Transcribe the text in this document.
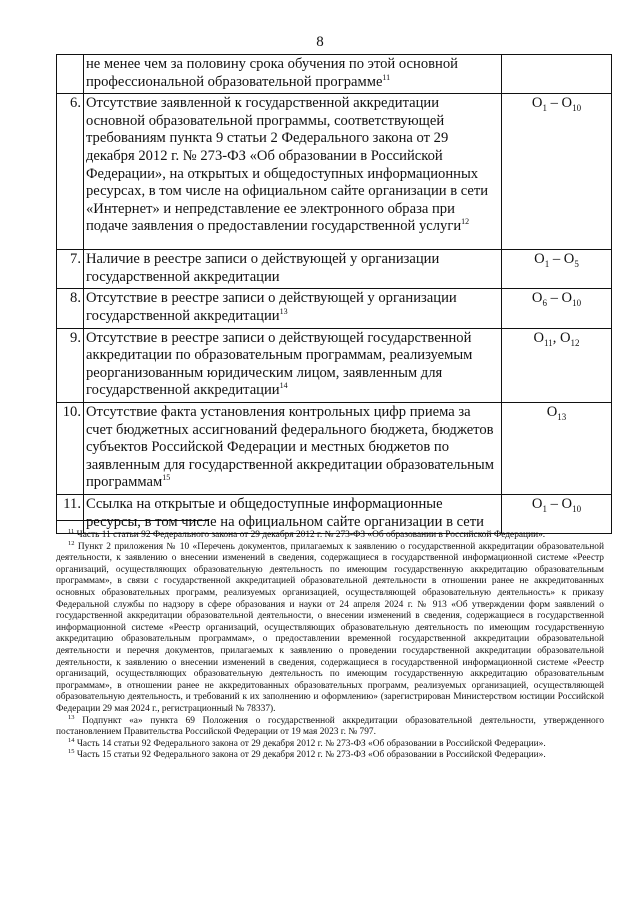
8
	не менее чем за половину срока обучения по этой основной профессиональной образовательной программе$^{11}$	
6.	Отсутствие заявленной к государственной аккредитации основной образовательной программы, соответствующей требованиям пункта 9 статьи 2 Федерального закона от 29 декабря 2012 г. № 273-ФЗ «Об образовании в Российской Федерации», на открытых и общедоступных информационных ресурсах, в том числе на официальном сайте организации в сети «Интернет» и непредставление ее электронного образа при подаче заявления о предоставлении государственной услуги$^{12}$	$О_1 - О_{10}$
7.	Наличие в реестре записи о действующей у организации государственной аккредитации	$О_1 - О_5$
8.	Отсутствие в реестре записи о действующей у организации государственной аккредитации$^{13}$	$О_6 - О_{10}$
9.	Отсутствие в реестре записи о действующей государственной аккредитации по образовательным программам, реализуемым реорганизованным юридическим лицом, заявленным для государственной аккредитации$^{14}$	$О_{11}$, $О_{12}$
10.	Отсутствие факта установления контрольных цифр приема за счет бюджетных ассигнований федерального бюджета, бюджетов субъектов Российской Федерации и местных бюджетов по заявленным для государственной аккредитации образовательным программам$^{15}$	$О_{13}$
11.	Ссылка на открытые и общедоступные информационные ресурсы, в том числе на официальном сайте организации в сети	$О_1 - О_{10}$

$^{11}$ Часть 11 статьи 92 Федерального закона от 29 декабря 2012 г. № 273-ФЗ «Об образовании в Российской Федерации».

$^{12}$ Пункт 2 приложения № 10 «Перечень документов, прилагаемых к заявлению о государственной аккредитации образовательной деятельности, к заявлению о внесении изменений в сведения, содержащиеся в государственной информационной системе «Реестр организаций, осуществляющих образовательную деятельность по имеющим государственную аккредитацию образовательным программам», в связи с государственной аккредитацией образовательной деятельности в отношении ранее не аккредитованных основных образовательных программ, реализуемых организацией, осуществляющей образовательную деятельность» к приказу Федеральной службы по надзору в сфере образования и науки от 24 апреля 2024 г. № 913 «Об утверждении форм заявлений о государственной аккредитации образовательной деятельности, о внесении изменений в сведения, содержащиеся в государственной информационной системе «Реестр организаций, осуществляющих образовательную деятельность по имеющим государственную аккредитацию образовательным программам», о предоставлении временной государственной аккредитации образовательной деятельности и перечня документов, прилагаемых к заявлению о проведении государственной аккредитации образовательной деятельности, к заявлению о внесении изменений в сведения, содержащиеся в государственной информационной системе «Реестр организаций, осуществляющих образовательную деятельность по имеющим государственную аккредитацию образовательным программам», в отношении ранее не аккредитованных образовательных программ, реализуемых организацией, осуществляющей образовательную деятельность, и требований к их заполнению и оформлению» (зарегистрирован Министерством юстиции Российской Федерации 29 мая 2024 г., регистрационный № 78337).

$^{13}$ Подпункт «а» пункта 69 Положения о государственной аккредитации образовательной деятельности, утвержденного постановлением Правительства Российской Федерации от 19 мая 2023 г. № 797.

$^{14}$ Часть 14 статьи 92 Федерального закона от 29 декабря 2012 г. № 273-ФЗ «Об образовании в Российской Федерации».

$^{15}$ Часть 15 статьи 92 Федерального закона от 29 декабря 2012 г. № 273-ФЗ «Об образовании в Российской Федерации».
